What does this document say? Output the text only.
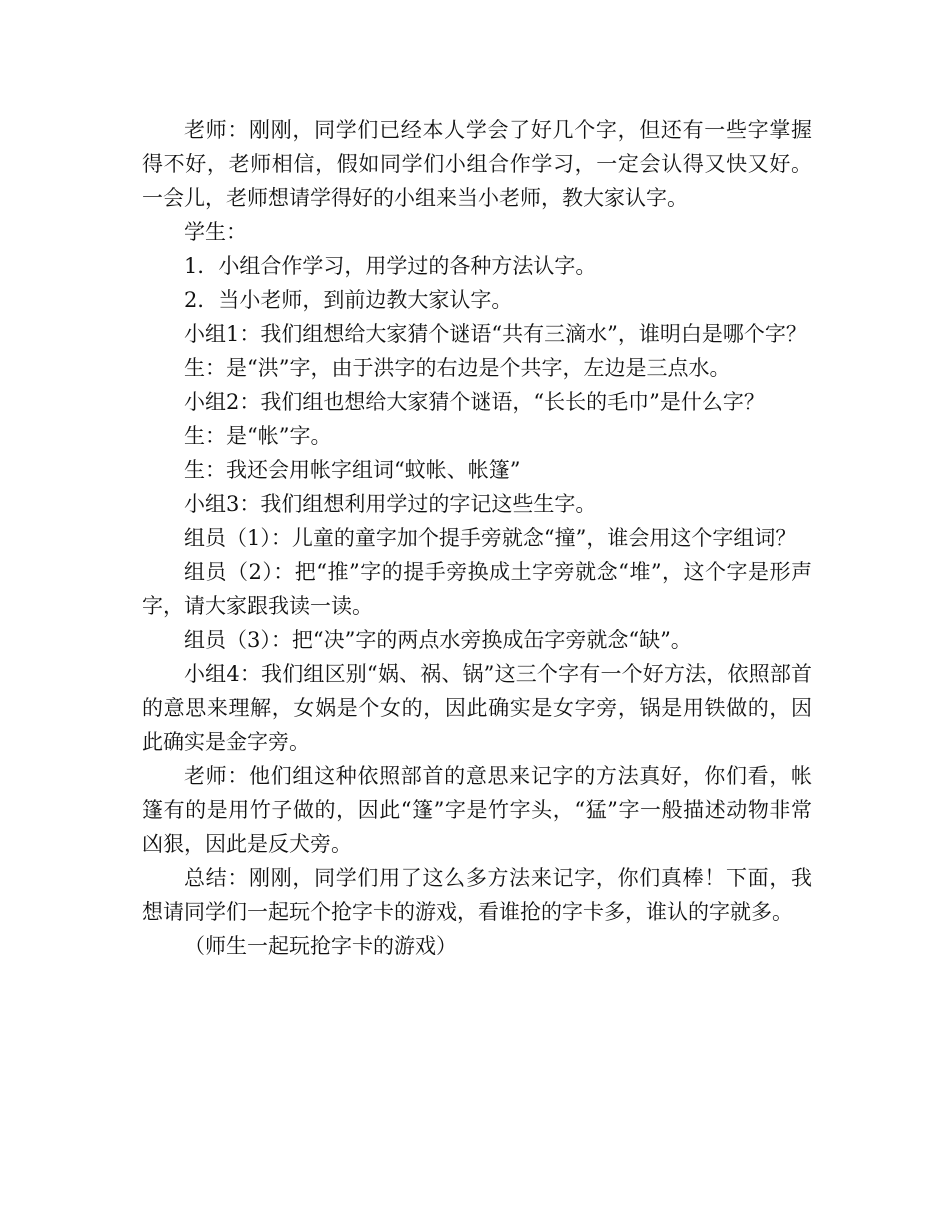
老师：刚刚，同学们已经本人学会了好几个字，但还有一些字掌握得不好，老师相信，假如同学们小组合作学习，一定会认得又快又好。一会儿，老师想请学得好的小组来当小老师，教大家认字。

学生：

1．小组合作学习，用学过的各种方法认字。

2．当小老师，到前边教大家认字。

小组1：我们组想给大家猜个谜语“共有三滴水”，谁明白是哪个字？

生：是“洪”字，由于洪字的右边是个共字，左边是三点水。

小组2：我们组也想给大家猜个谜语，“长长的毛巾”是什么字？

生：是“帐”字。

生：我还会用帐字组词“蚊帐、帐篷”

小组3：我们组想利用学过的字记这些生字。

组员（1）：儿童的童字加个提手旁就念“撞”，谁会用这个字组词？

组员（2）：把“推”字的提手旁换成土字旁就念“堆”，这个字是形声字，请大家跟我读一读。

组员（3）：把“决”字的两点水旁换成缶字旁就念“缺”。

小组4：我们组区别“娲、祸、锅”这三个字有一个好方法，依照部首的意思来理解，女娲是个女的，因此确实是女字旁，锅是用铁做的，因此确实是金字旁。

老师：他们组这种依照部首的意思来记字的方法真好，你们看，帐篷有的是用竹子做的，因此“篷”字是竹字头，“猛”字一般描述动物非常凶狠，因此是反犬旁。

总结：刚刚，同学们用了这么多方法来记字，你们真棒！下面，我想请同学们一起玩个抢字卡的游戏，看谁抢的字卡多，谁认的字就多。

（师生一起玩抢字卡的游戏）
